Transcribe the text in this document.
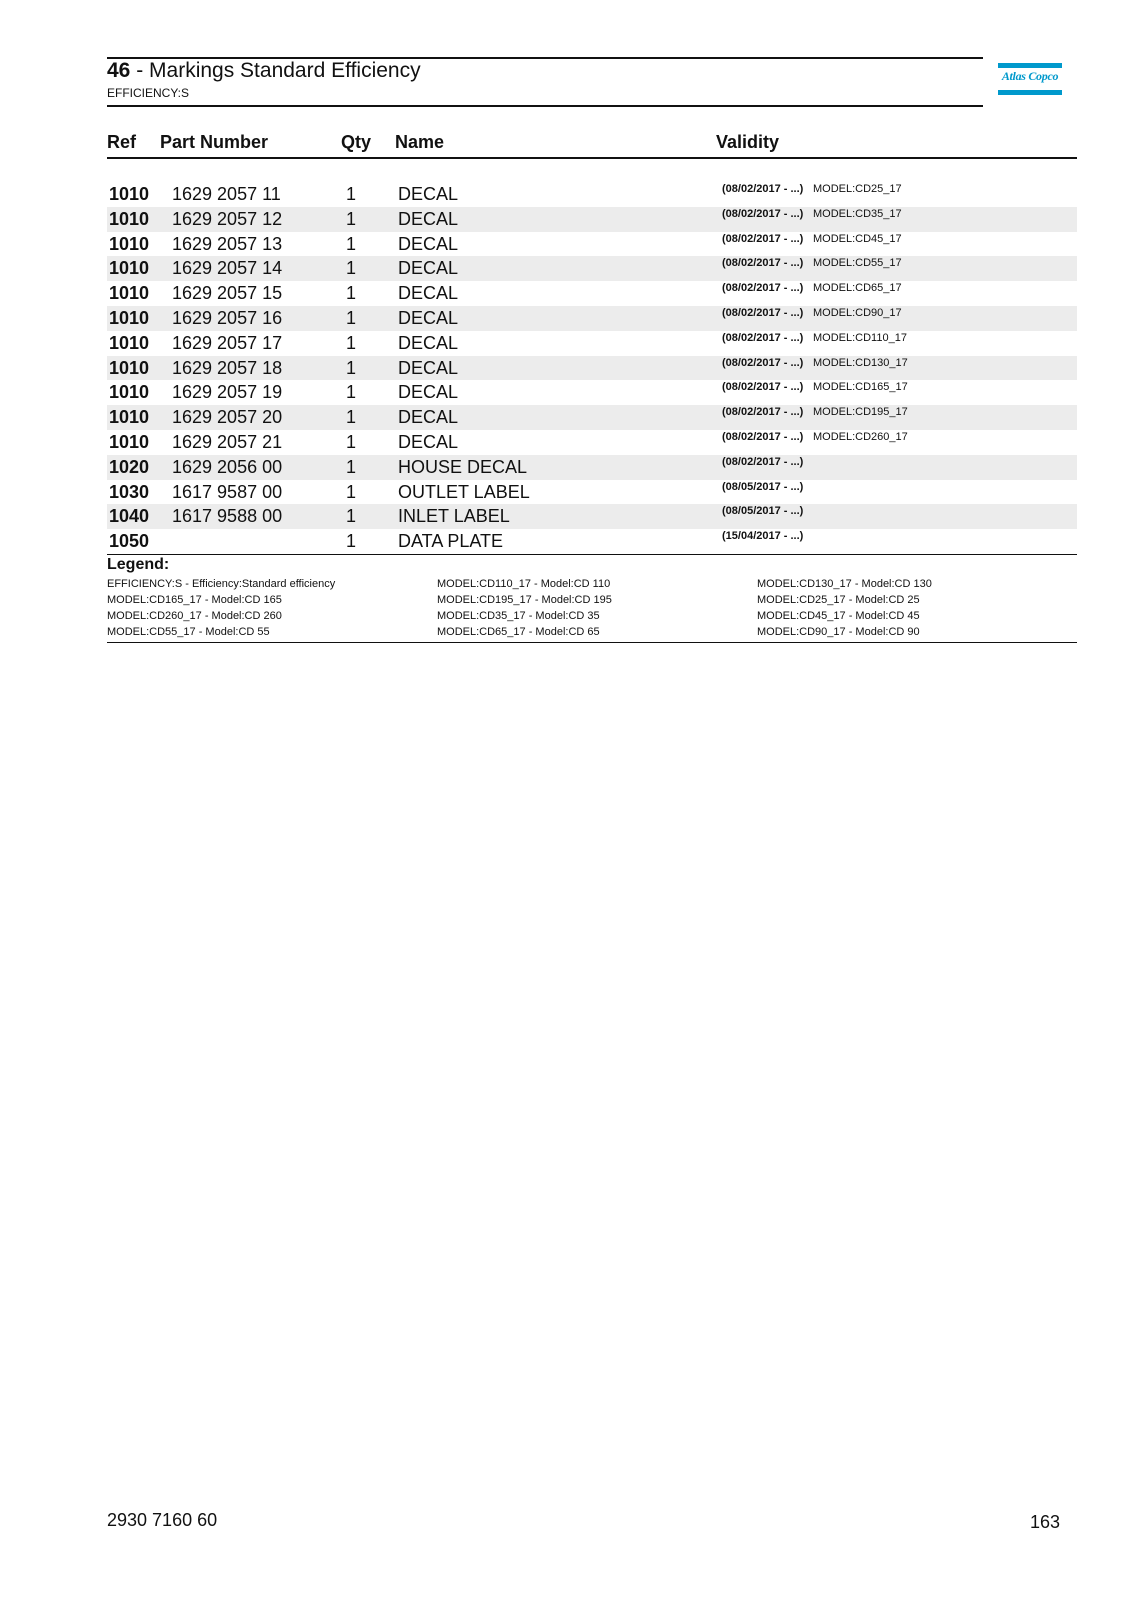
46 - Markings Standard Efficiency
EFFICIENCY:S
Atlas Copco
Ref Part Number	Qty Name	Validity
1010 1629 2057 11	1 DECAL	(08/02/2017 - ...) MODEL:CD25_17
1010 1629 2057 12	1 DECAL	(08/02/2017 - ...) MODEL:CD35_17
1010 1629 2057 13	1 DECAL	(08/02/2017 - ...) MODEL:CD45_17
1010 1629 2057 14	1 DECAL	(08/02/2017 - ...) MODEL:CD55_17
1010 1629 2057 15	1 DECAL	(08/02/2017 - ...) MODEL:CD65_17
1010 1629 2057 16	1 DECAL	(08/02/2017 - ...) MODEL:CD90_17
1010 1629 2057 17	1 DECAL	(08/02/2017 - ...) MODEL:CD110_17
1010 1629 2057 18	1 DECAL	(08/02/2017 - ...) MODEL:CD130_17
1010 1629 2057 19	1 DECAL	(08/02/2017 - ...) MODEL:CD165_17
1010 1629 2057 20	1 DECAL	(08/02/2017 - ...) MODEL:CD195_17
1010 1629 2057 21	1 DECAL	(08/02/2017 - ...) MODEL:CD260_17
1020 1629 2056 00	1 HOUSE DECAL	(08/02/2017 - ...)
1030 1617 9587 00	1 OUTLET LABEL	(08/05/2017 - ...)
1040 1617 9588 00	1 INLET LABEL	(08/05/2017 - ...)
1050	1 DATA PLATE	(15/04/2017 - ...)
Legend:
EFFICIENCY:S - Efficiency:Standard efficiency	MODEL:CD110_17 - Model:CD 110	MODEL:CD130_17 - Model:CD 130
MODEL:CD165_17 - Model:CD 165	MODEL:CD195_17 - Model:CD 195	MODEL:CD25_17 - Model:CD 25
MODEL:CD260_17 - Model:CD 260	MODEL:CD35_17 - Model:CD 35	MODEL:CD45_17 - Model:CD 45
MODEL:CD55_17 - Model:CD 55	MODEL:CD65_17 - Model:CD 65	MODEL:CD90_17 - Model:CD 90
2930 7160 60	163
